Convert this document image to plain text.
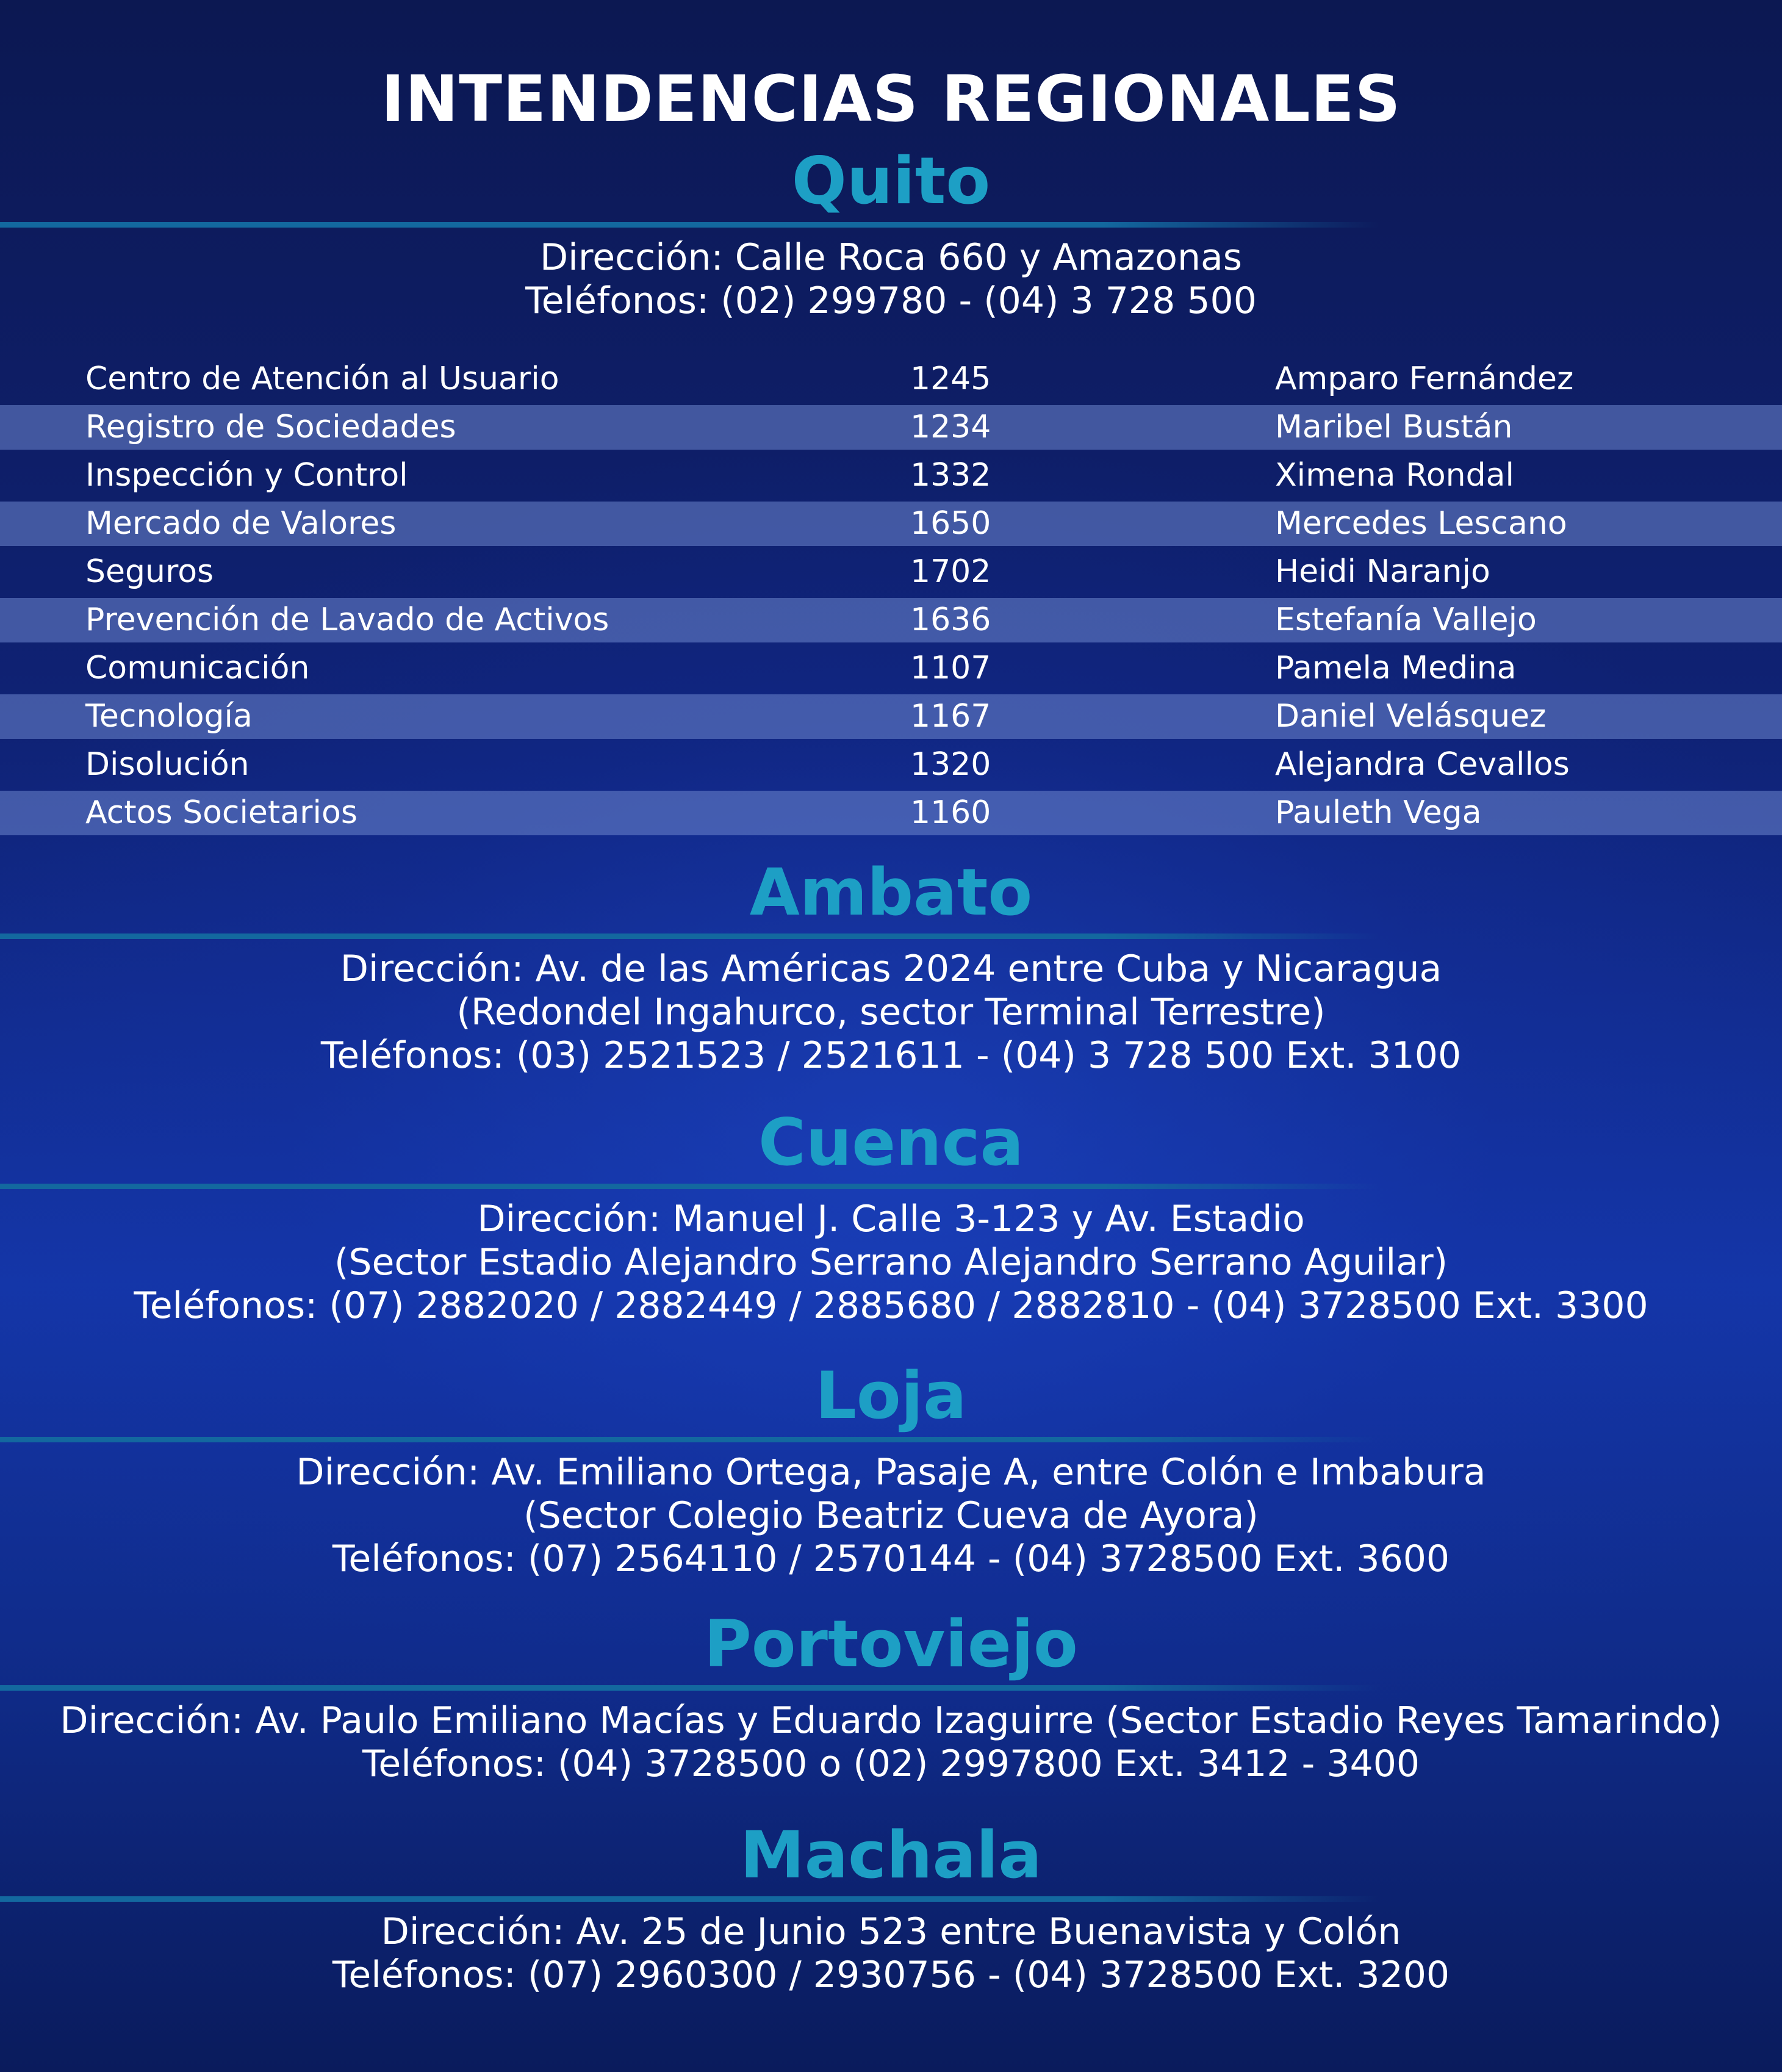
INTENDENCIAS REGIONALES
Quito
Dirección: Calle Roca 660 y Amazonas
Teléfonos: (02) 299780 - (04) 3 728 500
Centro de Atención al Usuario	1245	Amparo Fernández
Registro de Sociedades	1234	Maribel Bustán
Inspección y Control	1332	Ximena Rondal
Mercado de Valores	1650	Mercedes Lescano
Seguros	1702	Heidi Naranjo
Prevención de Lavado de Activos	1636	Estefanía Vallejo
Comunicación	1107	Pamela Medina
Tecnología	1167	Daniel Velásquez
Disolución	1320	Alejandra Cevallos
Actos Societarios	1160	Pauleth Vega
Ambato
Dirección: Av. de las Américas 2024 entre Cuba y Nicaragua
(Redondel Ingahurco, sector Terminal Terrestre)
Teléfonos: (03) 2521523 / 2521611 - (04) 3 728 500 Ext. 3100
Cuenca
Dirección: Manuel J. Calle 3-123 y Av. Estadio
(Sector Estadio Alejandro Serrano Alejandro Serrano Aguilar)
Teléfonos: (07) 2882020 / 2882449 / 2885680 / 2882810 - (04) 3728500 Ext. 3300
Loja
Dirección: Av. Emiliano Ortega, Pasaje A, entre Colón e Imbabura
(Sector Colegio Beatriz Cueva de Ayora)
Teléfonos: (07) 2564110 / 2570144 - (04) 3728500 Ext. 3600
Portoviejo
Dirección: Av. Paulo Emiliano Macías y Eduardo Izaguirre (Sector Estadio Reyes Tamarindo)
Teléfonos: (04) 3728500 o (02) 2997800 Ext. 3412 - 3400
Machala
Dirección: Av. 25 de Junio 523 entre Buenavista y Colón
Teléfonos: (07) 2960300 / 2930756 - (04) 3728500 Ext. 3200
